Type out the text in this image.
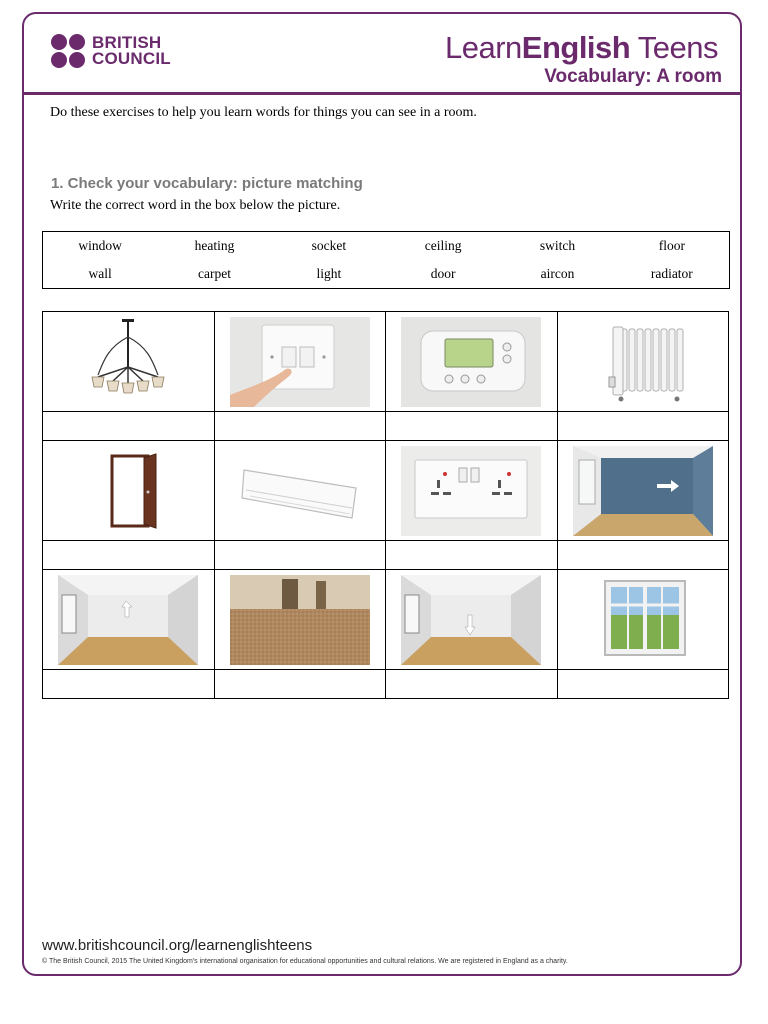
BRITISH
COUNCIL	LearnEnglish Teens
Vocabulary: A room
Do these exercises to help you learn words for things you can see in a room.
1. Check your vocabulary: picture matching
Write the correct word in the box below the picture.
window	heating	socket	ceiling	switch	floor
wall	carpet	light	door	aircon	radiator

www.britishcouncil.org/learnenglishteens
© The British Council, 2015 The United Kingdom's international organisation for educational opportunities and cultural relations. We are registered in England as a charity.
